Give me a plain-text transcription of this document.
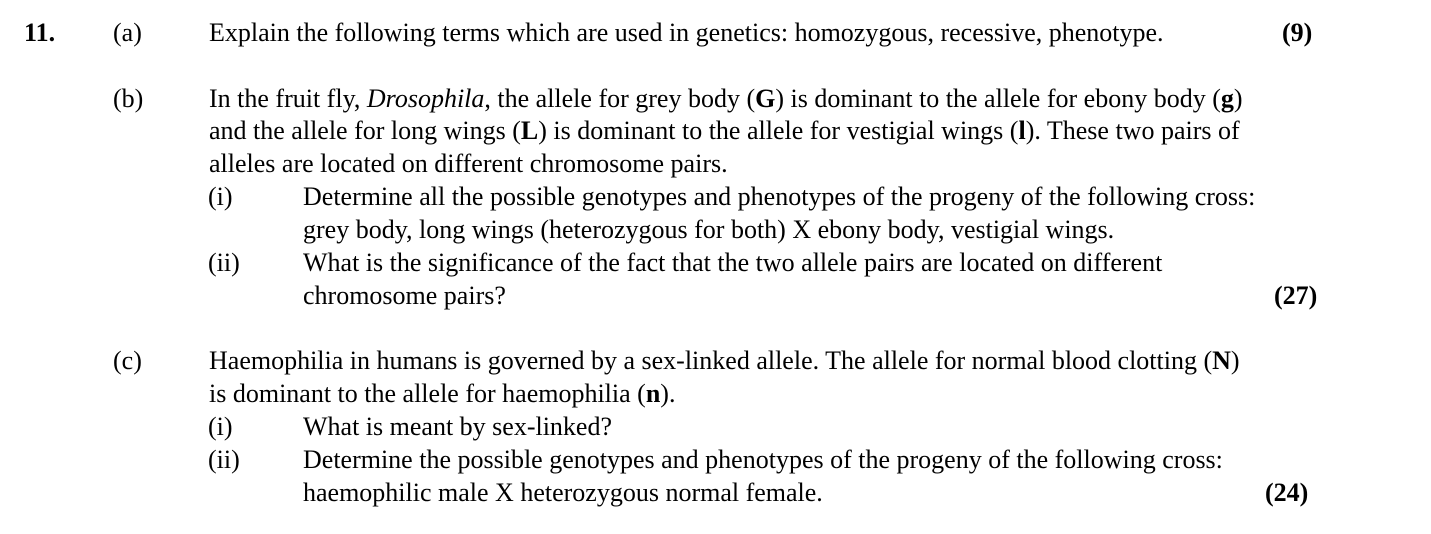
11. (a)	Explain the following terms which are used in genetics: homozygous, recessive, phenotype.	(9)
(b)	In the fruit fly, Drosophila, the allele for grey body (G) is dominant to the allele for ebony body (g)
and the allele for long wings (L) is dominant to the allele for vestigial wings (l). These two pairs of
alleles are located on different chromosome pairs.
(i)	Determine all the possible genotypes and phenotypes of the progeny of the following cross:
grey body, long wings (heterozygous for both) X ebony body, vestigial wings.
(ii) What is the significance of the fact that the two allele pairs are located on different
chromosome pairs?	(27)
(c)	Haemophilia in humans is governed by a sex-linked allele. The allele for normal blood clotting (N)
is dominant to the allele for haemophilia (n).
(i)	What is meant by sex-linked?
(ii) Determine the possible genotypes and phenotypes of the progeny of the following cross:
haemophilic male X heterozygous normal female.	(24)
